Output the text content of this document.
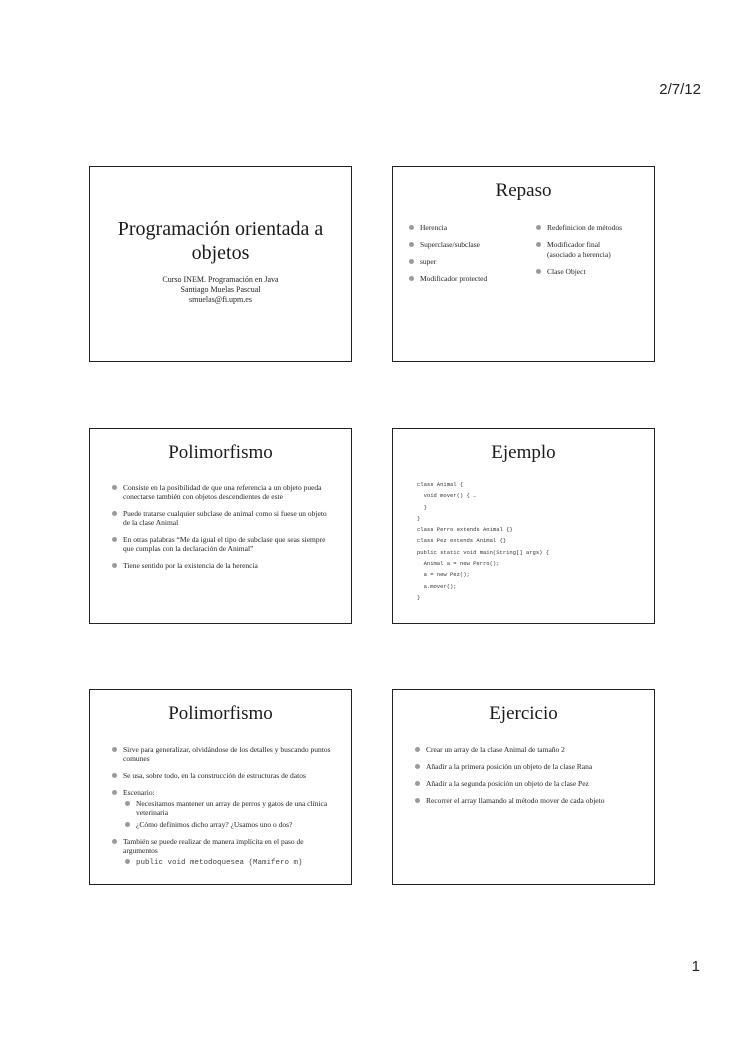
2/7/12
Programación orientada a objetos
Curso INEM. Programación en Java
Santiago Muelas Pascual
smuelas@fi.upm.es
Repaso
Herencia
Superclase/subclase
super
Modificador protected
Redefinicion de métodos
Modificador final
(asociado a herencia)
Clase Object
Polimorfismo
Consiste en la posibilidad de que una referencia a un objeto pueda conectarse también con objetos descendientes de este
Puede tratarse cualquier subclase de animal como si fuese un objeto de la clase Animal
En otras palabras “Me da igual el tipo de subclase que seas siempre que cumplas con la declaración de Animal”
Tiene sentido por la existencia de la herencia
Ejemplo
class Animal {
void mover() { …
}
}
class Perro extends Animal {}
class Pez extends Animal {}
public static void main(String[] args) {
Animal a = new Perro();
a = new Pez();
a.mover();
}
Polimorfismo
Sirve para generalizar, olvidándose de los detalles y buscando puntos comunes
Se usa, sobre todo, en la construcción de estructuras de datos
Escenario:
Necesitamos mantener un array de perros y gatos de una clínica veterinaria
¿Cómo definimos dicho array? ¿Usamos uno o dos?
También se puede realizar de manera implícita en el paso de argumentos
public void metodoquesea (Mamifero m)
Ejercicio
Crear un array de la clase Animal de tamaño 2
Añadir a la primera posición un objeto de la clase Rana
Añadir a la segunda posición un objeto de la clase Pez
Recorrer el array llamando al método mover de cada objeto
1
